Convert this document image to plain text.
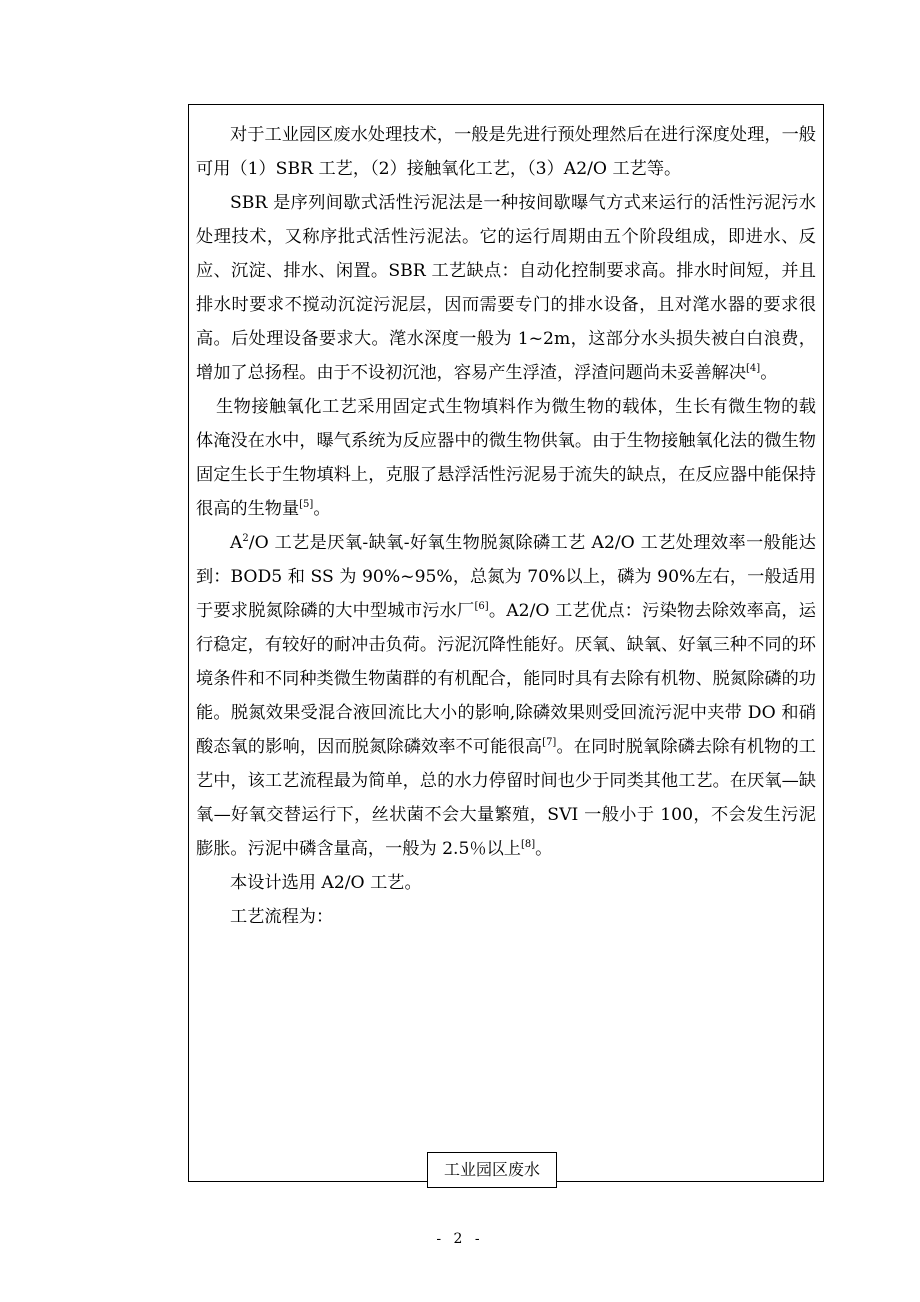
对于工业园区废水处理技术，一般是先进行预处理然后在进行深度处理，一般可用（1）SBR 工艺，（2）接触氧化工艺，（3）A2/O 工艺等。

SBR 是序列间歇式活性污泥法是一种按间歇曝气方式来运行的活性污泥污水处理技术，又称序批式活性污泥法。它的运行周期由五个阶段组成，即进水、反应、沉淀、排水、闲置。SBR 工艺缺点：自动化控制要求高。排水时间短，并且排水时要求不搅动沉淀污泥层，因而需要专门的排水设备，且对滗水器的要求很高。后处理设备要求大。滗水深度一般为 1~2m，这部分水头损失被白白浪费，增加了总扬程。由于不设初沉池，容易产生浮渣，浮渣问题尚未妥善解决[4]。

生物接触氧化工艺采用固定式生物填料作为微生物的载体，生长有微生物的载体淹没在水中，曝气系统为反应器中的微生物供氧。由于生物接触氧化法的微生物固定生长于生物填料上，克服了悬浮活性污泥易于流失的缺点，在反应器中能保持很高的生物量[5]。

$A^2/O$ 工艺是厌氧-缺氧-好氧生物脱氮除磷工艺 A2/O 工艺处理效率一般能达到：BOD5 和 SS 为 90%~95%，总氮为 70%以上，磷为 90%左右，一般适用于要求脱氮除磷的大中型城市污水厂[6]。A2/O 工艺优点：污染物去除效率高，运行稳定，有较好的耐冲击负荷。污泥沉降性能好。厌氧、缺氧、好氧三种不同的环境条件和不同种类微生物菌群的有机配合，能同时具有去除有机物、脱氮除磷的功能。脱氮效果受混合液回流比大小的影响,除磷效果则受回流污泥中夹带 DO 和硝酸态氧的影响，因而脱氮除磷效率不可能很高[7]。在同时脱氧除磷去除有机物的工艺中，该工艺流程最为简单，总的水力停留时间也少于同类其他工艺。在厌氧—缺氧—好氧交替运行下，丝状菌不会大量繁殖，SVI 一般小于 100，不会发生污泥膨胀。污泥中磷含量高，一般为 2.5％以上[8]。

本设计选用 A2/O 工艺。

工艺流程为：

工业园区废水
- 2 -
